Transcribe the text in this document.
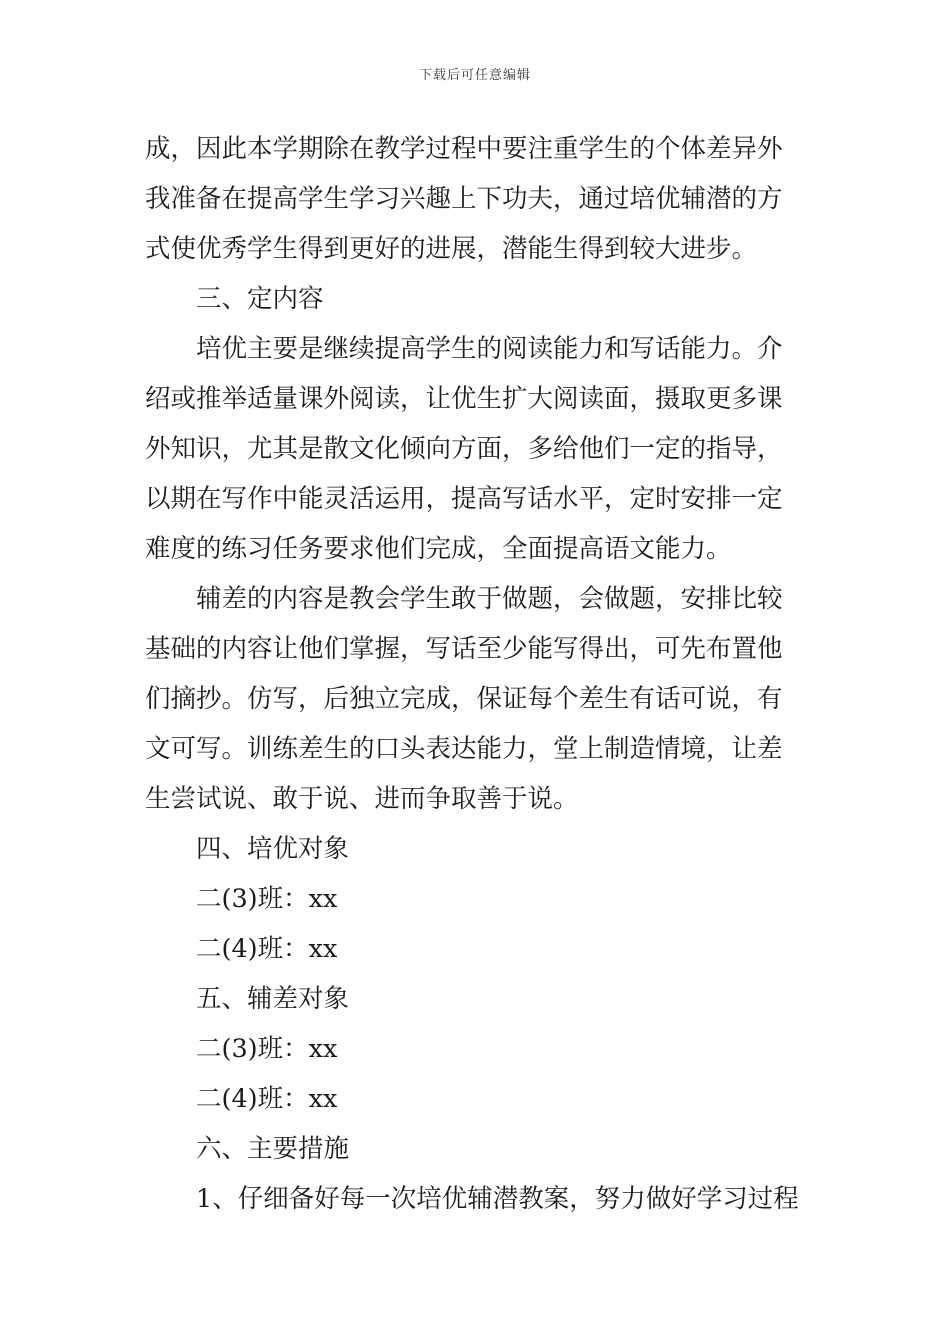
下载后可任意编辑
成，因此本学期除在教学过程中要注重学生的个体差异外
我准备在提高学生学习兴趣上下功夫，通过培优辅潜的方
式使优秀学生得到更好的进展，潜能生得到较大进步。
三、定内容
培优主要是继续提高学生的阅读能力和写话能力。介
绍或推举适量课外阅读，让优生扩大阅读面，摄取更多课
外知识，尤其是散文化倾向方面，多给他们一定的指导，
以期在写作中能灵活运用，提高写话水平，定时安排一定
难度的练习任务要求他们完成，全面提高语文能力。
辅差的内容是教会学生敢于做题，会做题，安排比较
基础的内容让他们掌握，写话至少能写得出，可先布置他
们摘抄。仿写，后独立完成，保证每个差生有话可说，有
文可写。训练差生的口头表达能力，堂上制造情境，让差
生尝试说、敢于说、进而争取善于说。
四、培优对象
二(3)班：xx
二(4)班：xx
五、辅差对象
二(3)班：xx
二(4)班：xx
六、主要措施
1、仔细备好每一次培优辅潜教案，努力做好学习过程
